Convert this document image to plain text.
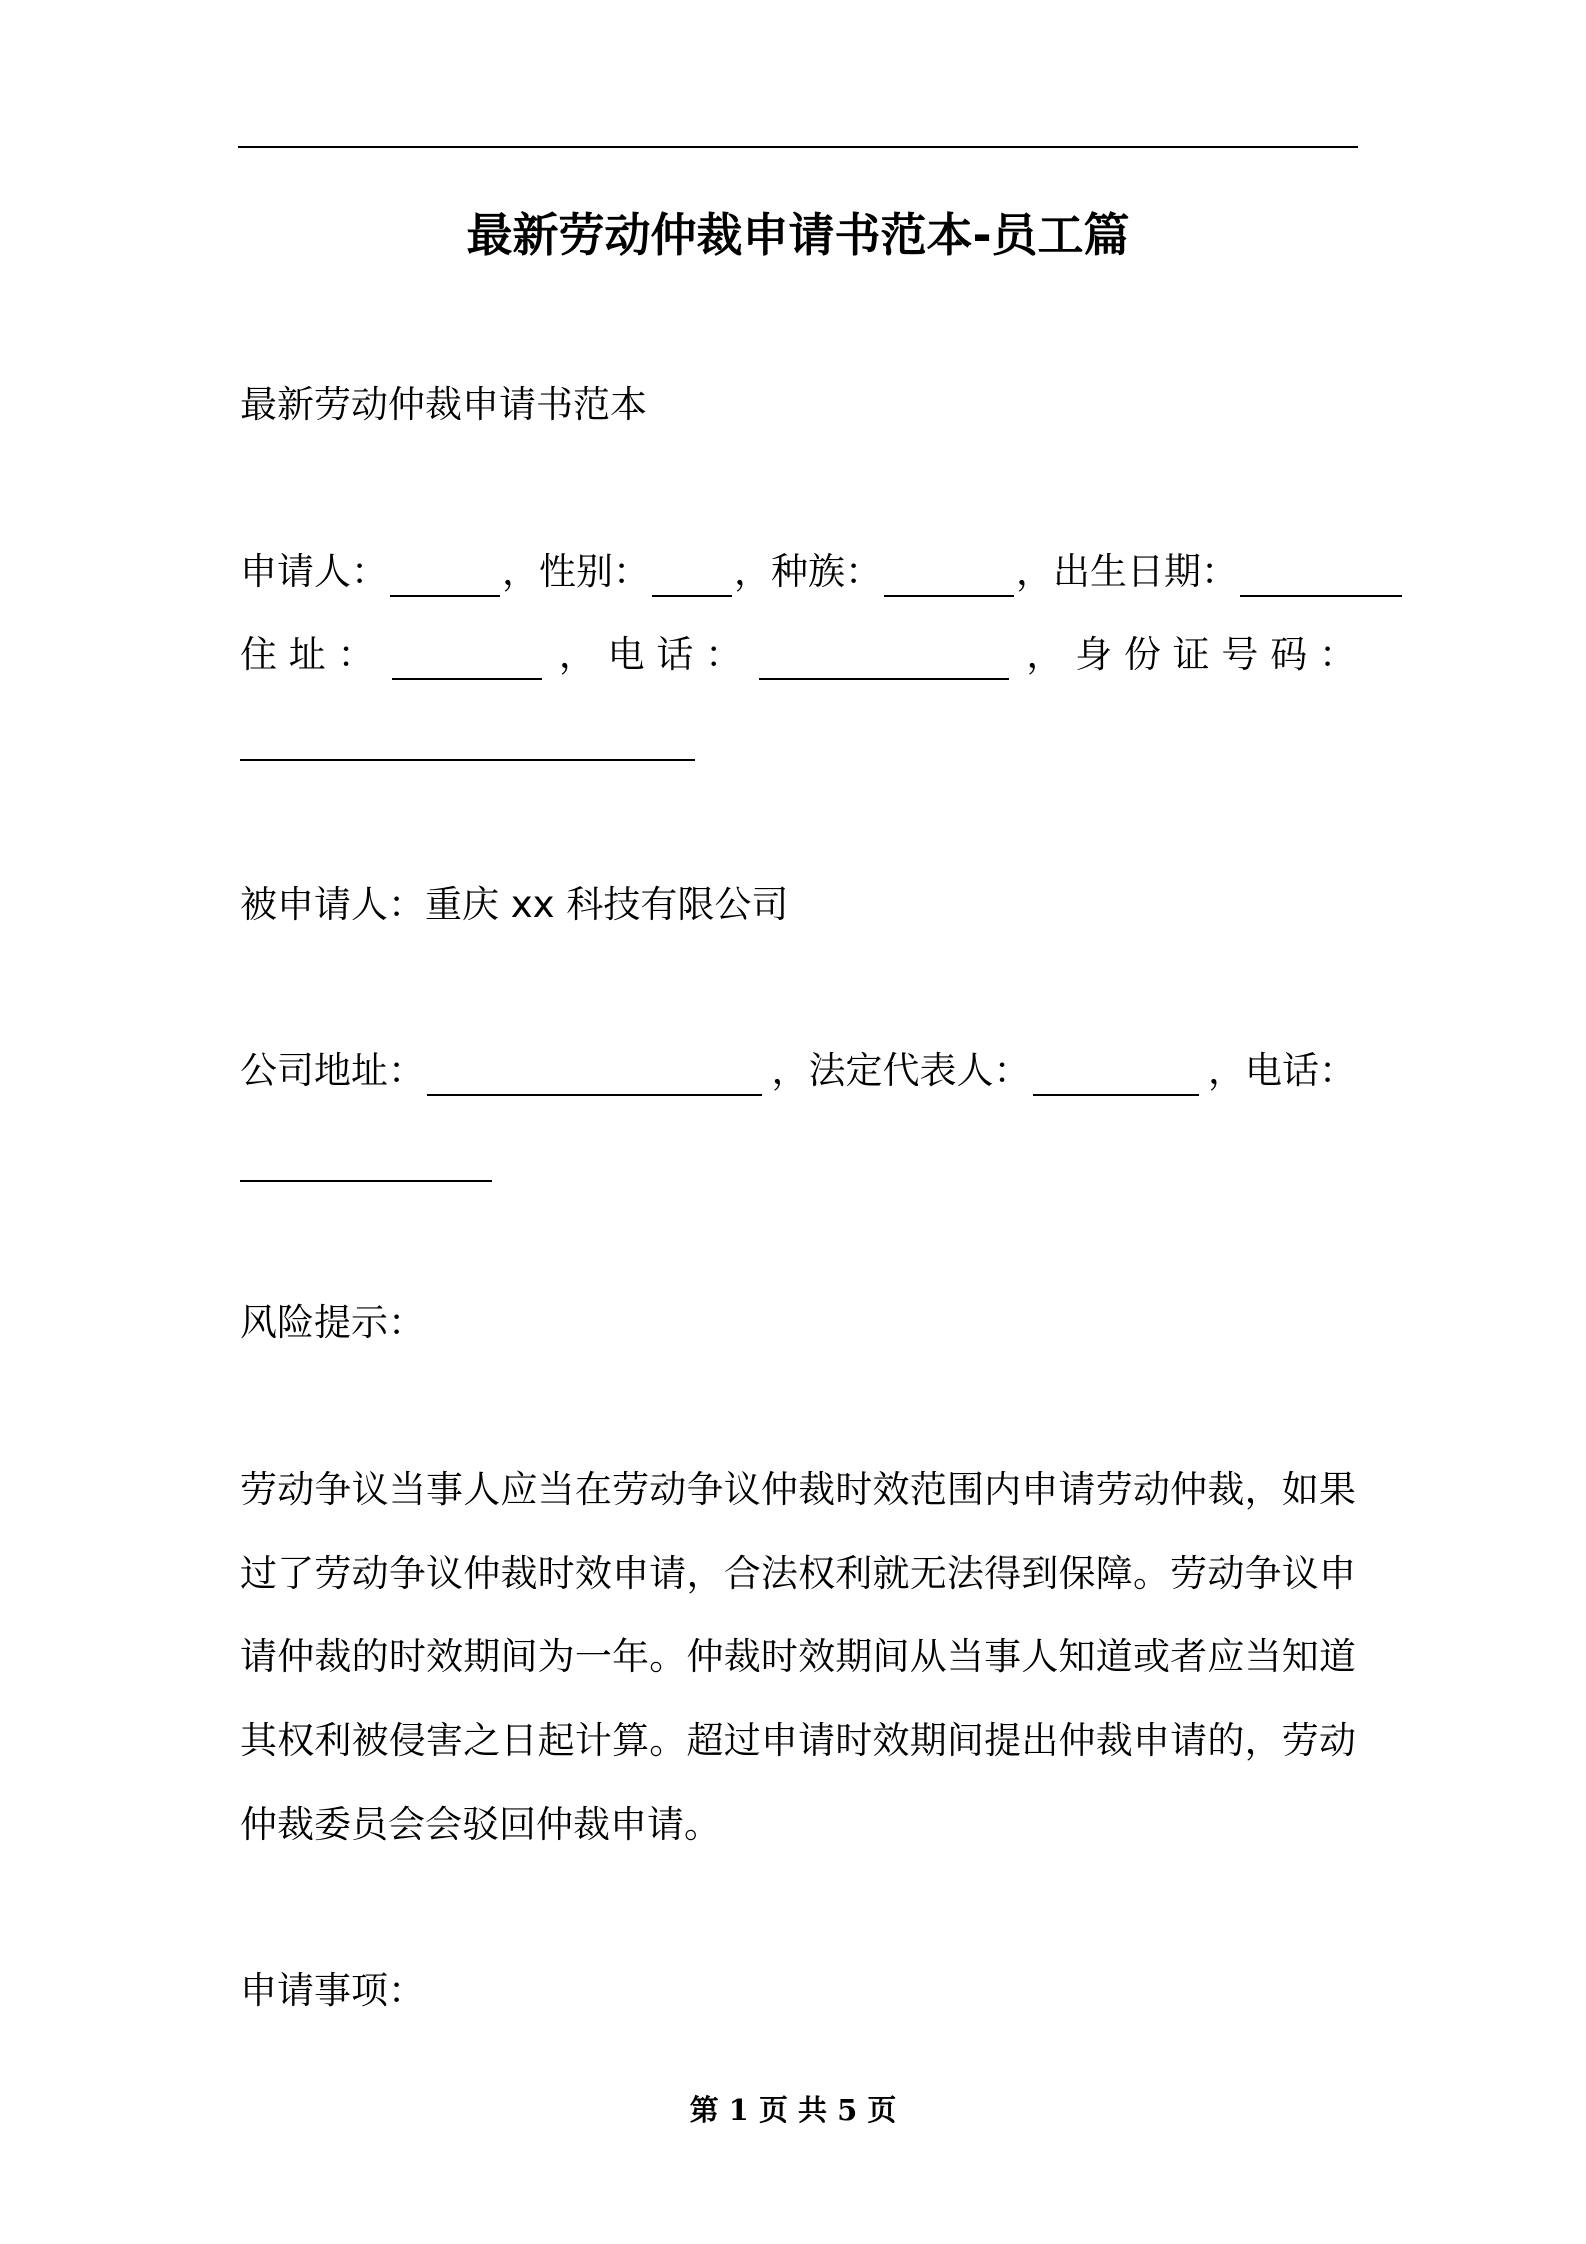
最新劳动仲裁申请书范本-员工篇
最新劳动仲裁申请书范本
申请人：	，性别：	，种族：	，出生日期：
住 址 ：	， 电 话 ：	， 身 份 证 号 码 ：
被申请人：重庆 xx 科技有限公司
公司地址：	，法定代表人：	，电话：
风险提示：
劳动争议当事人应当在劳动争议仲裁时效范围内申请劳动仲裁，如果
过了劳动争议仲裁时效申请，合法权利就无法得到保障。劳动争议申
请仲裁的时效期间为一年。仲裁时效期间从当事人知道或者应当知道
其权利被侵害之日起计算。超过申请时效期间提出仲裁申请的，劳动
仲裁委员会会驳回仲裁申请。
申请事项：
第 1 页 共 5 页
